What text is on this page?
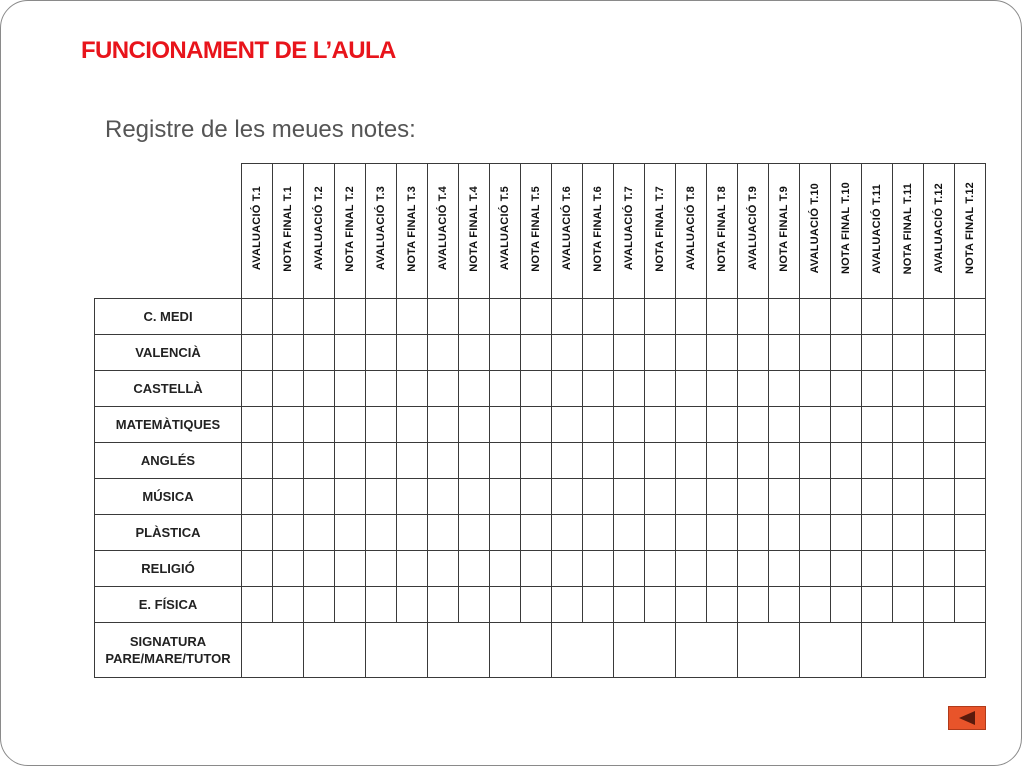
FUNCIONAMENT DE L’AULA

Registre de les meues notes:

	AVALUACIÓ T.1	NOTA FINAL T.1	AVALUACIÓ T.2	NOTA FINAL T.2	AVALUACIÓ T.3	NOTA FINAL T.3	AVALUACIÓ T.4	NOTA FINAL T.4	AVALUACIÓ T.5	NOTA FINAL T.5	AVALUACIÓ T.6	NOTA FINAL T.6	AVALUACIÓ T.7	NOTA FINAL T.7	AVALUACIÓ T.8	NOTA FINAL T.8	AVALUACIÓ T.9	NOTA FINAL T.9	AVALUACIÓ T.10	NOTA FINAL T.10	AVALUACIÓ T.11	NOTA FINAL T.11	AVALUACIÓ T.12	NOTA FINAL T.12
C. MEDI																								
VALENCIÀ																								
CASTELLÀ																								
MATEMÀTIQUES																								
ANGLÉS																								
MÚSICA																								
PLÀSTICA																								
RELIGIÓ																								
E. FÍSICA																								

SIGNATURA
PARE/MARE/TUTOR																								
